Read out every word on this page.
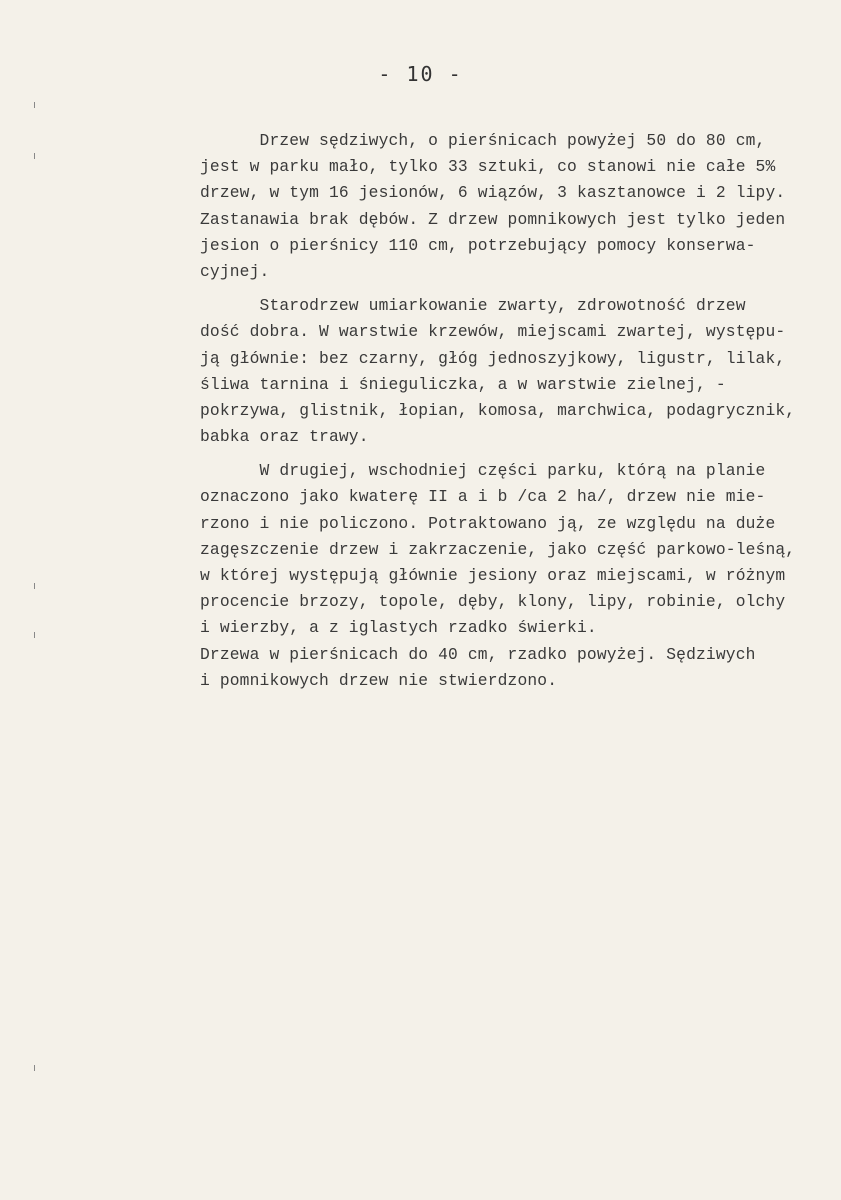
- 10 -
Drzew sędziwych, o pierśnicach powyżej 50 do 80 cm,
jest w parku mało, tylko 33 sztuki, co stanowi nie całe 5%
drzew, w tym 16 jesionów, 6 wiązów, 3 kasztanowce i 2 lipy.
Zastanawia brak dębów. Z drzew pomnikowych jest tylko jeden
jesion o pierśnicy 110 cm, potrzebujący pomocy konserwa-
cyjnej.
Starodrzew umiarkowanie zwarty, zdrowotność drzew
dość dobra. W warstwie krzewów, miejscami zwartej, występu-
ją głównie: bez czarny, głóg jednoszyjkowy, ligustr, lilak,
śliwa tarnina i śnieguliczka, a w warstwie zielnej, -
pokrzywa, glistnik, łopian, komosa, marchwica, podagrycznik,
babka oraz trawy.
W drugiej, wschodniej części parku, którą na planie
oznaczono jako kwaterę II a i b /ca 2 ha/, drzew nie mie-
rzono i nie policzono. Potraktowano ją, ze względu na duże
zagęszczenie drzew i zakrzaczenie, jako część parkowo-leśną,
w której występują głównie jesiony oraz miejscami, w różnym
procencie brzozy, topole, dęby, klony, lipy, robinie, olchy
i wierzby, a z iglastych rzadko świerki.
Drzewa w pierśnicach do 40 cm, rzadko powyżej. Sędziwych
i pomnikowych drzew nie stwierdzono.
